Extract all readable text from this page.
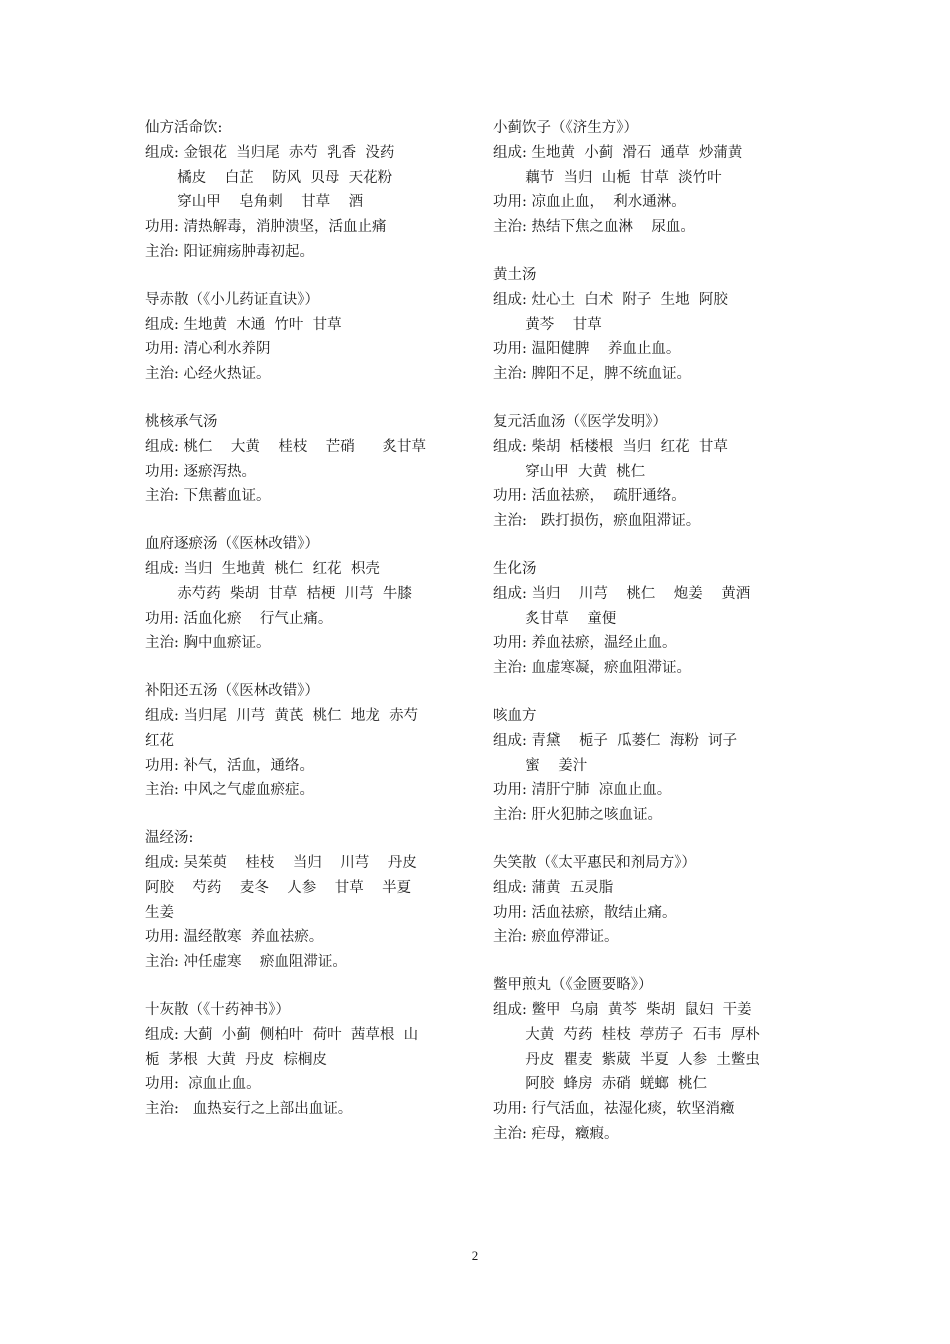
仙方活命饮:
组成: 金银花  当归尾  赤芍  乳香  没药
橘皮    白芷    防风  贝母  天花粉
穿山甲    皂角刺    甘草    酒
功用: 清热解毒，消肿溃坚，活血止痛
主治: 阳证痈疡肿毒初起。
导赤散（《小儿药证直诀》）
组成: 生地黄  木通  竹叶  甘草
功用: 清心利水养阴
主治: 心经火热证。
桃核承气汤
组成: 桃仁    大黄    桂枝    芒硝      炙甘草
功用: 逐瘀泻热。
主治: 下焦蓄血证。
血府逐瘀汤（《医林改错》）
组成: 当归  生地黄  桃仁  红花  枳壳
赤芍药  柴胡  甘草  桔梗  川芎  牛膝
功用: 活血化瘀    行气止痛。
主治: 胸中血瘀证。
补阳还五汤（《医林改错》）
组成: 当归尾  川芎  黄芪  桃仁  地龙  赤芍
红花
功用: 补气，活血，通络。
主治: 中风之气虚血瘀症。
温经汤:
组成: 吴茱萸    桂枝    当归    川芎    丹皮
阿胶    芍药    麦冬    人参    甘草    半夏
生姜
功用: 温经散寒  养血祛瘀。
主治: 冲任虚寒    瘀血阻滞证。
十灰散（《十药神书》）
组成: 大蓟  小蓟  侧柏叶  荷叶  茜草根  山
栀  茅根  大黄  丹皮  棕榈皮
功用:  凉血止血。
主治:   血热妄行之上部出血证。
小蓟饮子（《济生方》）
组成: 生地黄  小蓟  滑石  通草  炒蒲黄
藕节  当归  山栀  甘草  淡竹叶
功用: 凉血止血，  利水通淋。
主治: 热结下焦之血淋    尿血。
黄土汤
组成: 灶心土  白术  附子  生地  阿胶
黄芩    甘草
功用: 温阳健脾    养血止血。
主治: 脾阳不足，脾不统血证。
复元活血汤（《医学发明》）
组成: 柴胡  栝楼根  当归  红花  甘草
穿山甲  大黄  桃仁
功用: 活血祛瘀，  疏肝通络。
主治:   跌打损伤，瘀血阻滞证。
生化汤
组成: 当归    川芎    桃仁    炮姜    黄酒
炙甘草    童便
功用: 养血祛瘀，温经止血。
主治: 血虚寒凝，瘀血阻滞证。
咳血方
组成: 青黛    栀子  瓜蒌仁  海粉  诃子
蜜    姜汁
功用: 清肝宁肺  凉血止血。
主治: 肝火犯肺之咳血证。
失笑散（《太平惠民和剂局方》）
组成: 蒲黄  五灵脂
功用: 活血祛瘀，散结止痛。
主治: 瘀血停滞证。
鳖甲煎丸（《金匮要略》）
组成: 鳖甲  乌扇  黄芩  柴胡  鼠妇  干姜
大黄  芍药  桂枝  葶苈子  石韦  厚朴
丹皮  瞿麦  紫葳  半夏  人参  土鳖虫
阿胶  蜂房  赤硝  蜣螂  桃仁
功用: 行气活血，祛湿化痰，软坚消癥
主治: 疟母，癥瘕。
2
